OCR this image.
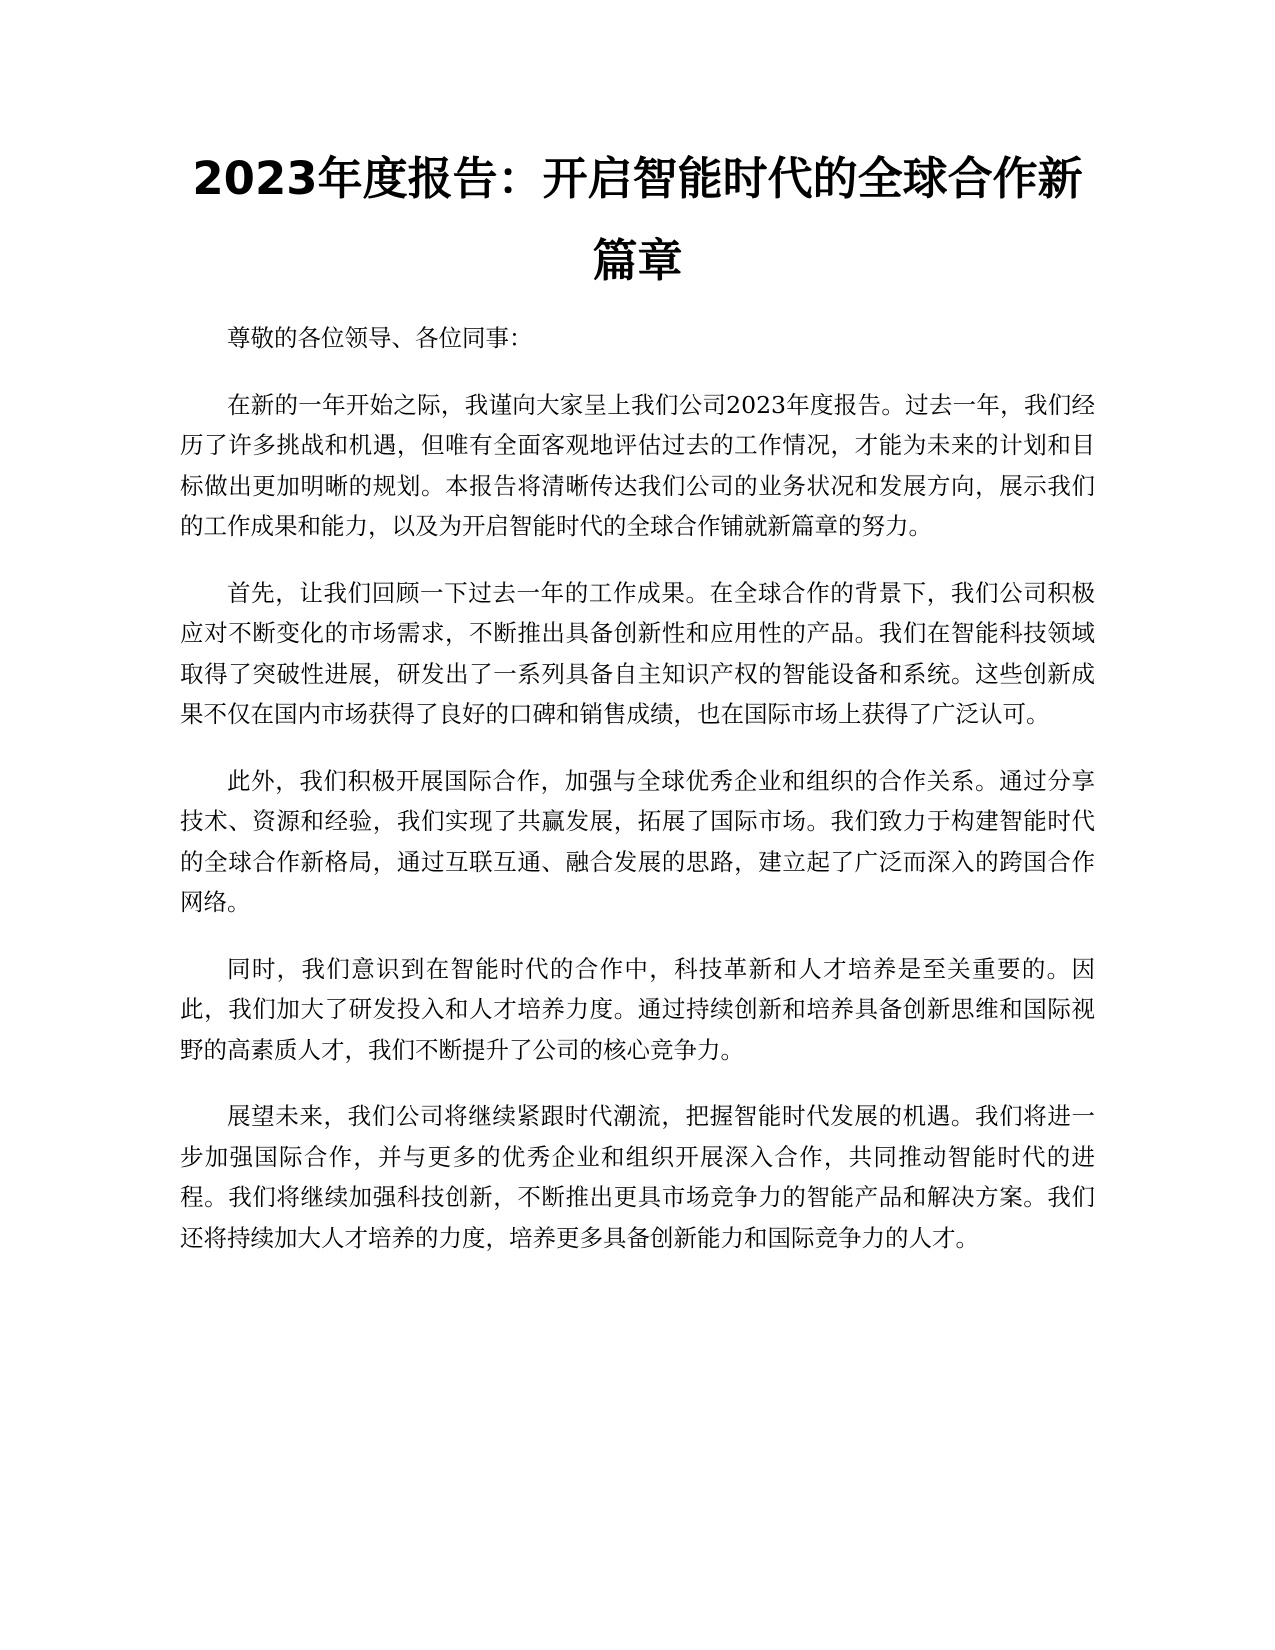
2023年度报告：开启智能时代的全球合作新篇章

尊敬的各位领导、各位同事：

在新的一年开始之际，我谨向大家呈上我们公司2023年度报告。过去一年，我们经历了许多挑战和机遇，但唯有全面客观地评估过去的工作情况，才能为未来的计划和目标做出更加明晰的规划。本报告将清晰传达我们公司的业务状况和发展方向，展示我们的工作成果和能力，以及为开启智能时代的全球合作铺就新篇章的努力。

首先，让我们回顾一下过去一年的工作成果。在全球合作的背景下，我们公司积极应对不断变化的市场需求，不断推出具备创新性和应用性的产品。我们在智能科技领域取得了突破性进展，研发出了一系列具备自主知识产权的智能设备和系统。这些创新成果不仅在国内市场获得了良好的口碑和销售成绩，也在国际市场上获得了广泛认可。

此外，我们积极开展国际合作，加强与全球优秀企业和组织的合作关系。通过分享技术、资源和经验，我们实现了共赢发展，拓展了国际市场。我们致力于构建智能时代的全球合作新格局，通过互联互通、融合发展的思路，建立起了广泛而深入的跨国合作网络。

同时，我们意识到在智能时代的合作中，科技革新和人才培养是至关重要的。因此，我们加大了研发投入和人才培养力度。通过持续创新和培养具备创新思维和国际视野的高素质人才，我们不断提升了公司的核心竞争力。

展望未来，我们公司将继续紧跟时代潮流，把握智能时代发展的机遇。我们将进一步加强国际合作，并与更多的优秀企业和组织开展深入合作，共同推动智能时代的进程。我们将继续加强科技创新，不断推出更具市场竞争力的智能产品和解决方案。我们还将持续加大人才培养的力度，培养更多具备创新能力和国际竞争力的人才。
